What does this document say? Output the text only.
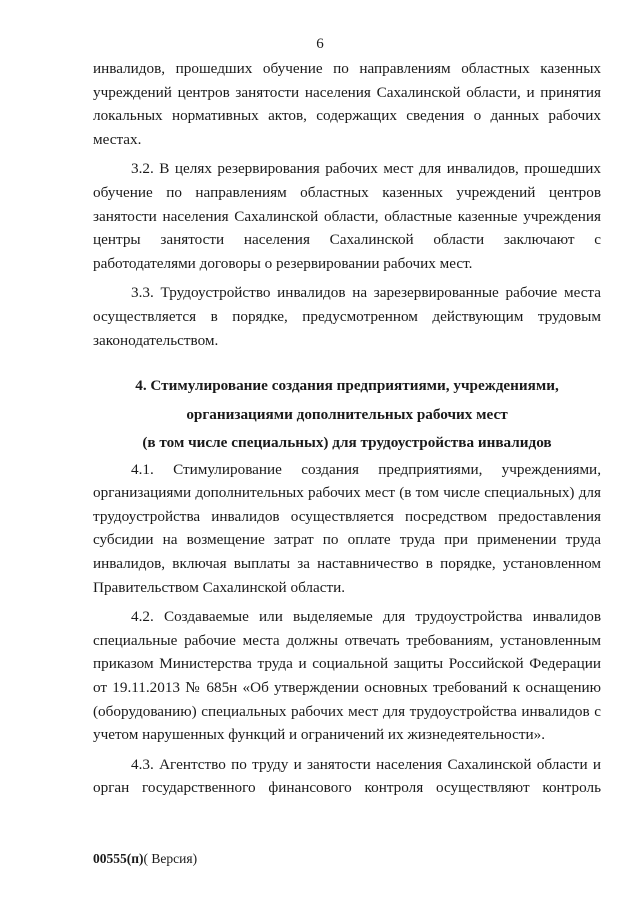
6
инвалидов, прошедших обучение по направлениям областных казенных
учреждений центров занятости населения Сахалинской области, и принятия
локальных нормативных актов, содержащих сведения о данных рабочих
местах.
3.2. В целях резервирования рабочих мест для инвалидов, прошедших
обучение по направлениям областных казенных учреждений центров
занятости населения Сахалинской области, областные казенные учреждения
центры занятости населения Сахалинской области заключают с
работодателями договоры о резервировании рабочих мест.
3.3. Трудоустройство инвалидов на зарезервированные рабочие места
осуществляется в порядке, предусмотренном действующим трудовым
законодательством.
4. Стимулирование создания предприятиями, учреждениями,
организациями дополнительных рабочих мест
(в том числе специальных) для трудоустройства инвалидов
4.1. Стимулирование создания предприятиями, учреждениями,
организациями дополнительных рабочих мест (в том числе специальных) для
трудоустройства инвалидов осуществляется посредством предоставления
субсидии на возмещение затрат по оплате труда при применении труда
инвалидов, включая выплаты за наставничество в порядке, установленном
Правительством Сахалинской области.
4.2. Создаваемые или выделяемые для трудоустройства инвалидов
специальные рабочие места должны отвечать требованиям, установленным
приказом Министерства труда и социальной защиты Российской Федерации
от 19.11.2013 № 685н «Об утверждении основных требований к оснащению
(оборудованию) специальных рабочих мест для трудоустройства инвалидов с
учетом нарушенных функций и ограничений их жизнедеятельности».
4.3. Агентство по труду и занятости населения Сахалинской области и
орган государственного финансового контроля осуществляют контроль
00555(п)( Версия)
